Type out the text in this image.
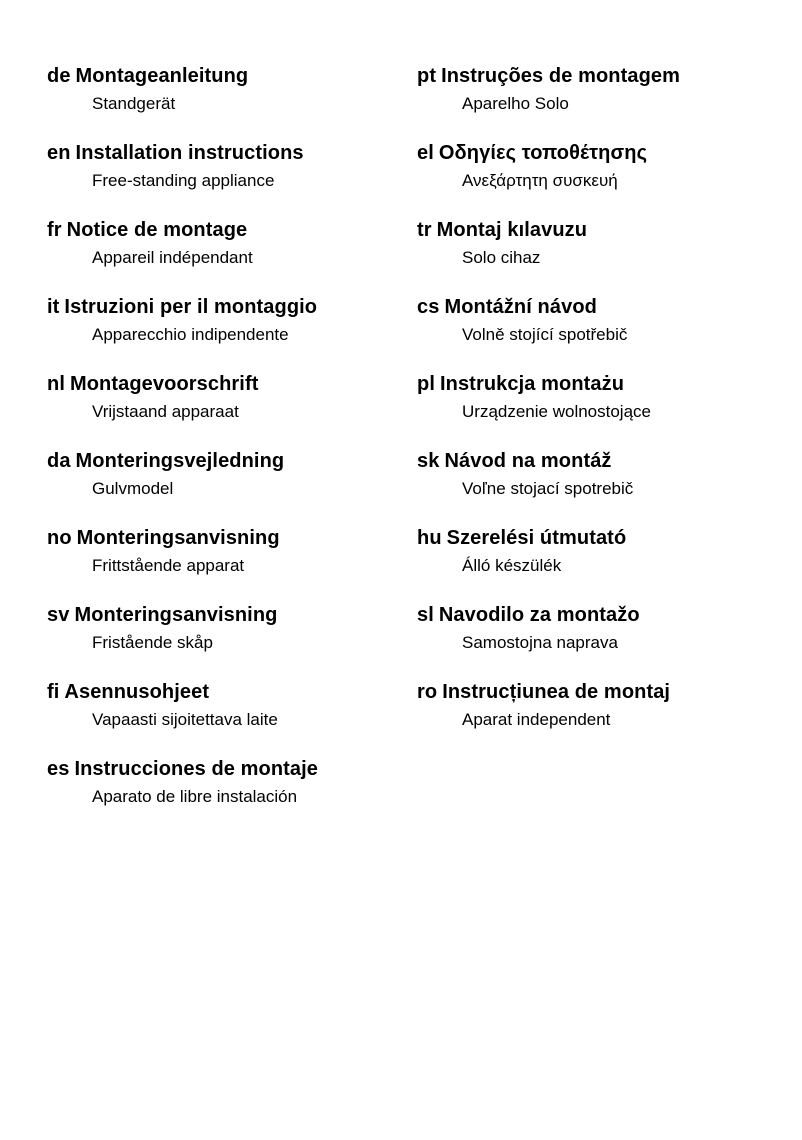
de Montageanleitung
Standgerät
en Installation instructions
Free-standing appliance
fr Notice de montage
Appareil indépendant
it Istruzioni per il montaggio
Apparecchio indipendente
nl Montagevoorschrift
Vrijstaand apparaat
da Monteringsvejledning
Gulvmodel
no Monteringsanvisning
Frittstående apparat
sv Monteringsanvisning
Fristående skåp
fi Asennusohjeet
Vapaasti sijoitettava laite
es Instrucciones de montaje
Aparato de libre instalación
pt Instruções de montagem
Aparelho Solo
el Οδηγίες τοποθέτησης
Ανεξάρτητη συσκευή
tr Montaj kılavuzu
Solo cihaz
cs Montážní návod
Volně stojící spotřebič
pl Instrukcja montażu
Urządzenie wolnostojące
sk Návod na montáž
Voľne stojací spotrebič
hu Szerelési útmutató
Álló készülék
sl Navodilo za montažo
Samostojna naprava
ro Instrucțiunea de montaj
Aparat independent
